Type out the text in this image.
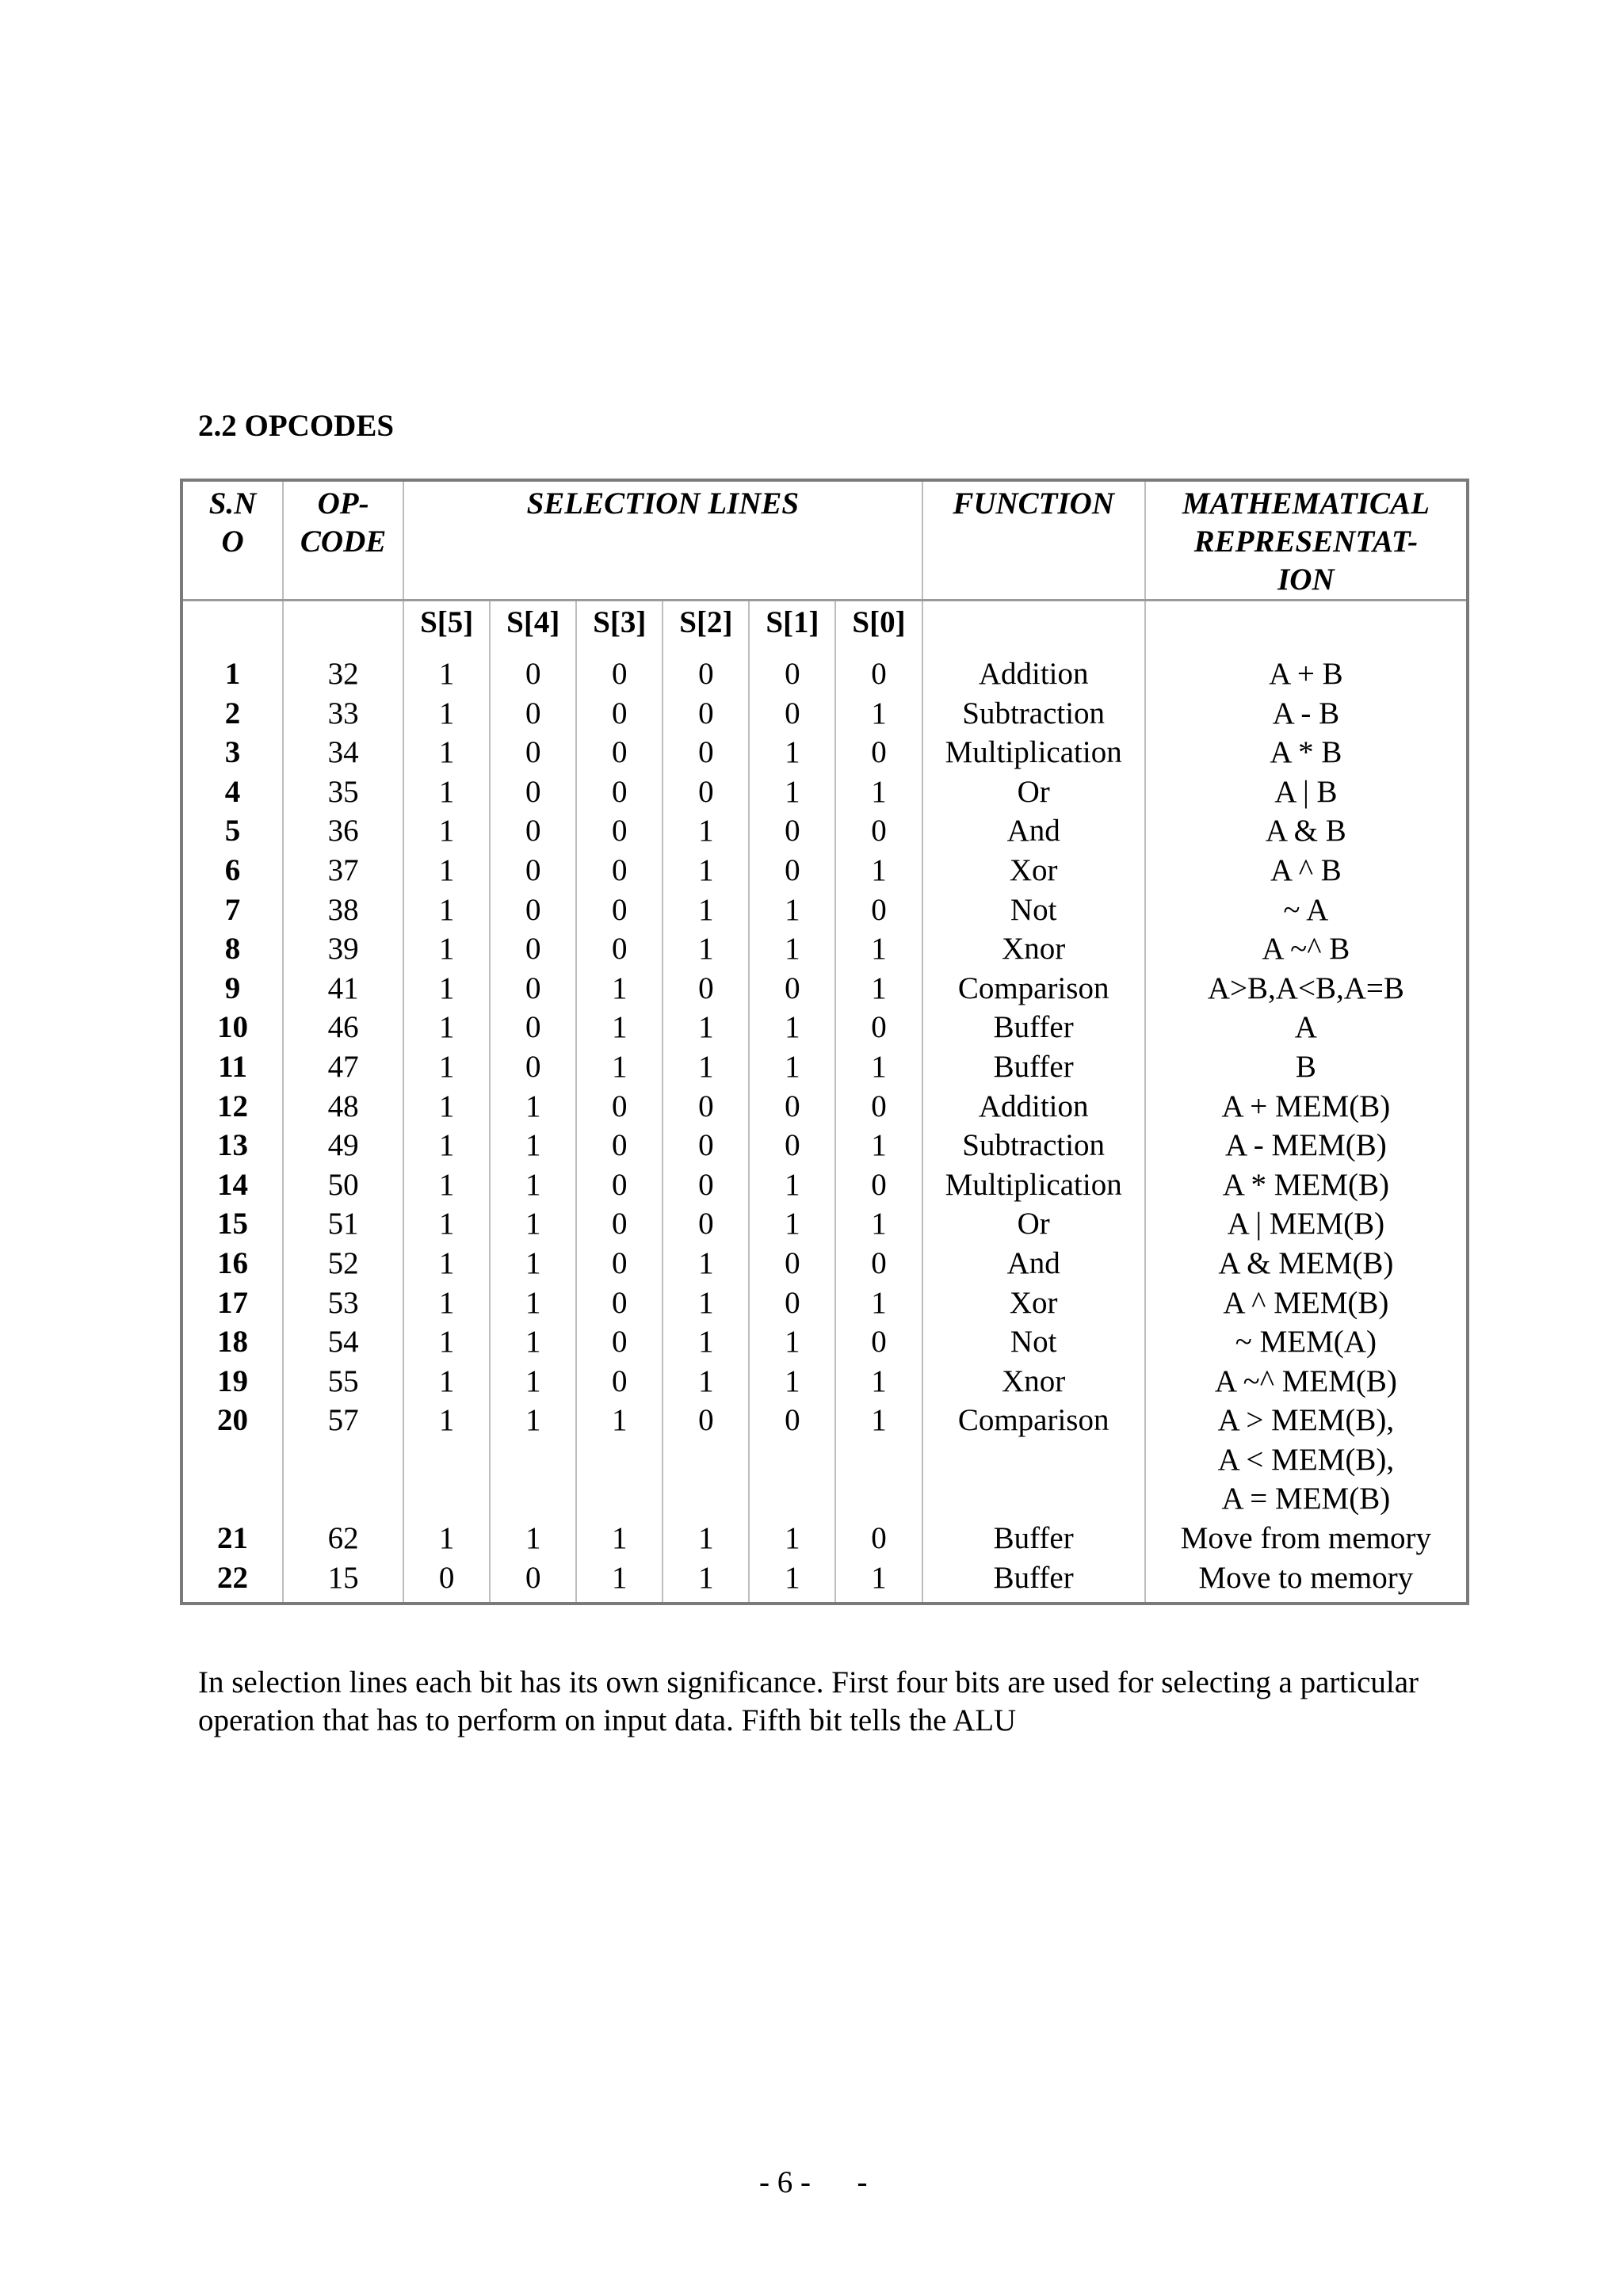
2.2 OPCODES
S.N
O	OP-
CODE	SELECTION LINES						FUNCTION	MATHEMATICAL
REPRESENTAT-
ION
		S[5]	S[4]	S[3]	S[2]	S[1]	S[0]		
1	32	1	0	0	0	0	0	Addition	A + B
2	33	1	0	0	0	0	1	Subtraction	A - B
3	34	1	0	0	0	1	0	Multiplication	A * B
4	35	1	0	0	0	1	1	Or	A | B
5	36	1	0	0	1	0	0	And	A & B
6	37	1	0	0	1	0	1	Xor	A ^ B
7	38	1	0	0	1	1	0	Not	~ A
8	39	1	0	0	1	1	1	Xnor	A ~^ B
9	41	1	0	1	0	0	1	Comparison	A>B,A<B,A=B
10	46	1	0	1	1	1	0	Buffer	A
11	47	1	0	1	1	1	1	Buffer	B
12	48	1	1	0	0	0	0	Addition	A + MEM(B)
13	49	1	1	0	0	0	1	Subtraction	A - MEM(B)
14	50	1	1	0	0	1	0	Multiplication	A * MEM(B)
15	51	1	1	0	0	1	1	Or	A | MEM(B)
16	52	1	1	0	1	0	0	And	A & MEM(B)
17	53	1	1	0	1	0	1	Xor	A ^ MEM(B)
18	54	1	1	0	1	1	0	Not	~ MEM(A)
19	55	1	1	0	1	1	1	Xnor	A ~^ MEM(B)
20	57	1	1	1	0	0	1	Comparison	A > MEM(B),
A < MEM(B),
A = MEM(B)
21	62	1	1	1	1	1	0	Buffer	Move from memory
22	15	0	0	1	1	1	1	Buffer	Move to memory

In selection lines each bit has its own significance. First four bits are used for selecting a particular operation that has to perform on input data. Fifth bit tells the ALU

- 6 -      -
